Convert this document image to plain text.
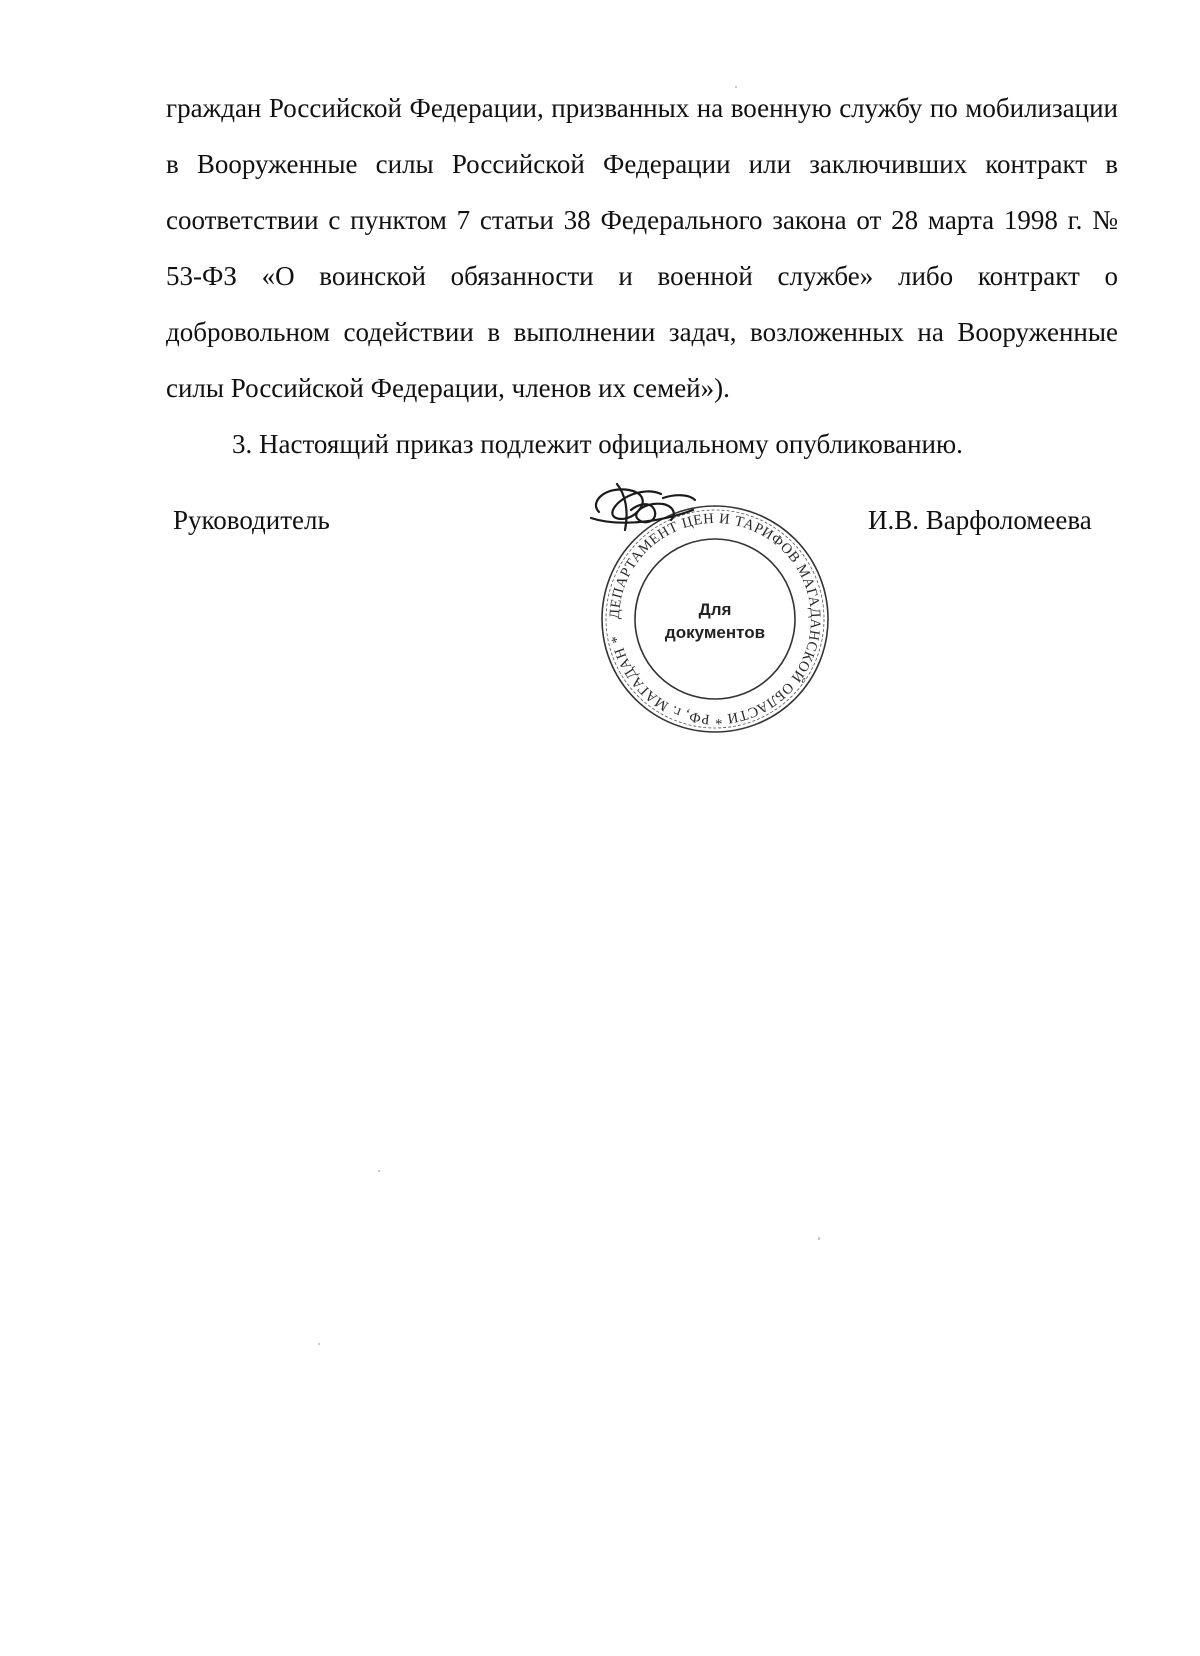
граждан Российской Федерации, призванных на военную службу по мобилизации в Вооруженные силы Российской Федерации или заключивших контракт в соответствии с пунктом 7 статьи 38 Федерального закона от 28 марта 1998 г. № 53-ФЗ «О воинской обязанности и военной службе» либо контракт о добровольном содействии в выполнении задач, возложенных на Вооруженные силы Российской Федерации, членов их семей»).

3. Настоящий приказ подлежит официальному опубликованию.

Руководитель	И.В. Варфоломеева
ДЕПАРТАМЕНТ ЦЕН И ТАРИФОВ МАГАДАНСКОЙ ОБЛАСТИ * РФ, г. МАГАДАН *
Для
документов
